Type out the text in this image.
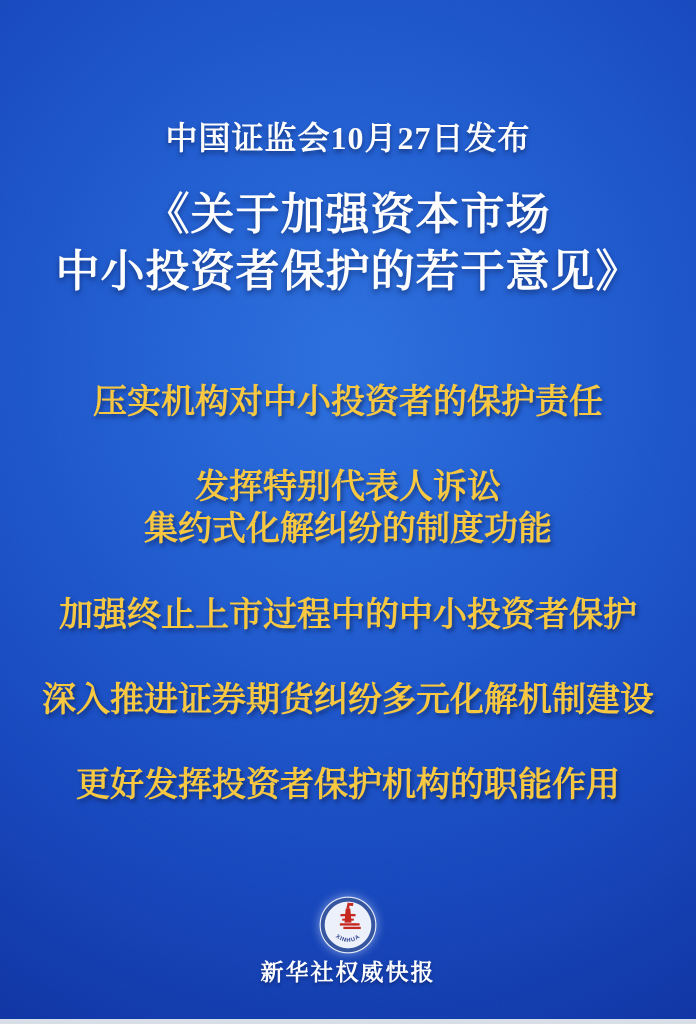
中国证监会10月27日发布
《关于加强资本市场
中小投资者保护的若干意见》
压实机构对中小投资者的保护责任
发挥特别代表人诉讼
集约式化解纠纷的制度功能
加强终止上市过程中的中小投资者保护
深入推进证券期货纠纷多元化解机制建设
更好发挥投资者保护机构的职能作用
XINHUA
新华社权威快报
